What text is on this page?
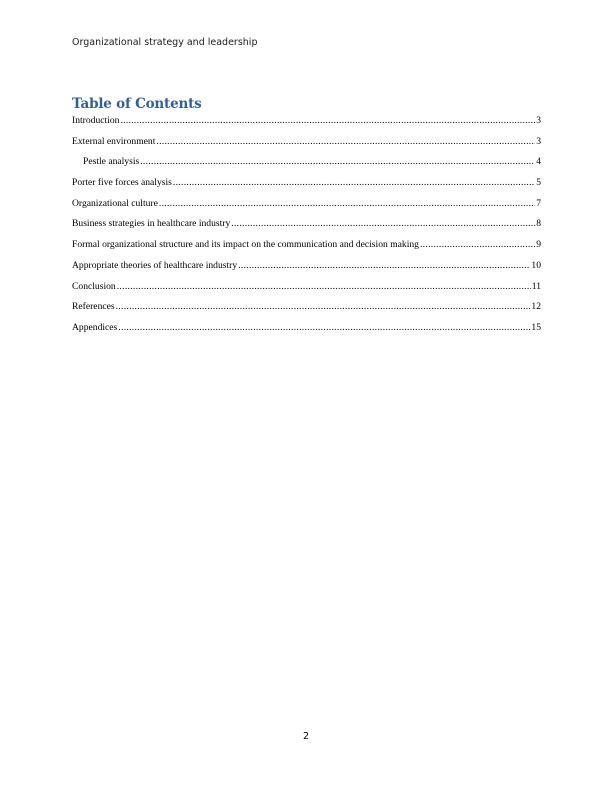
Organizational strategy and leadership
Table of Contents
Introduction .....	3
External environment .....	3
Pestle analysis .....	4
Porter five forces analysis .....	5
Organizational culture .....	7
Business strategies in healthcare industry .....	8
Formal organizational structure and its impact on the communication and decision making .....	9
Appropriate theories of healthcare industry .....	10
Conclusion .....	11
References .....	12
Appendices .....	15
2
